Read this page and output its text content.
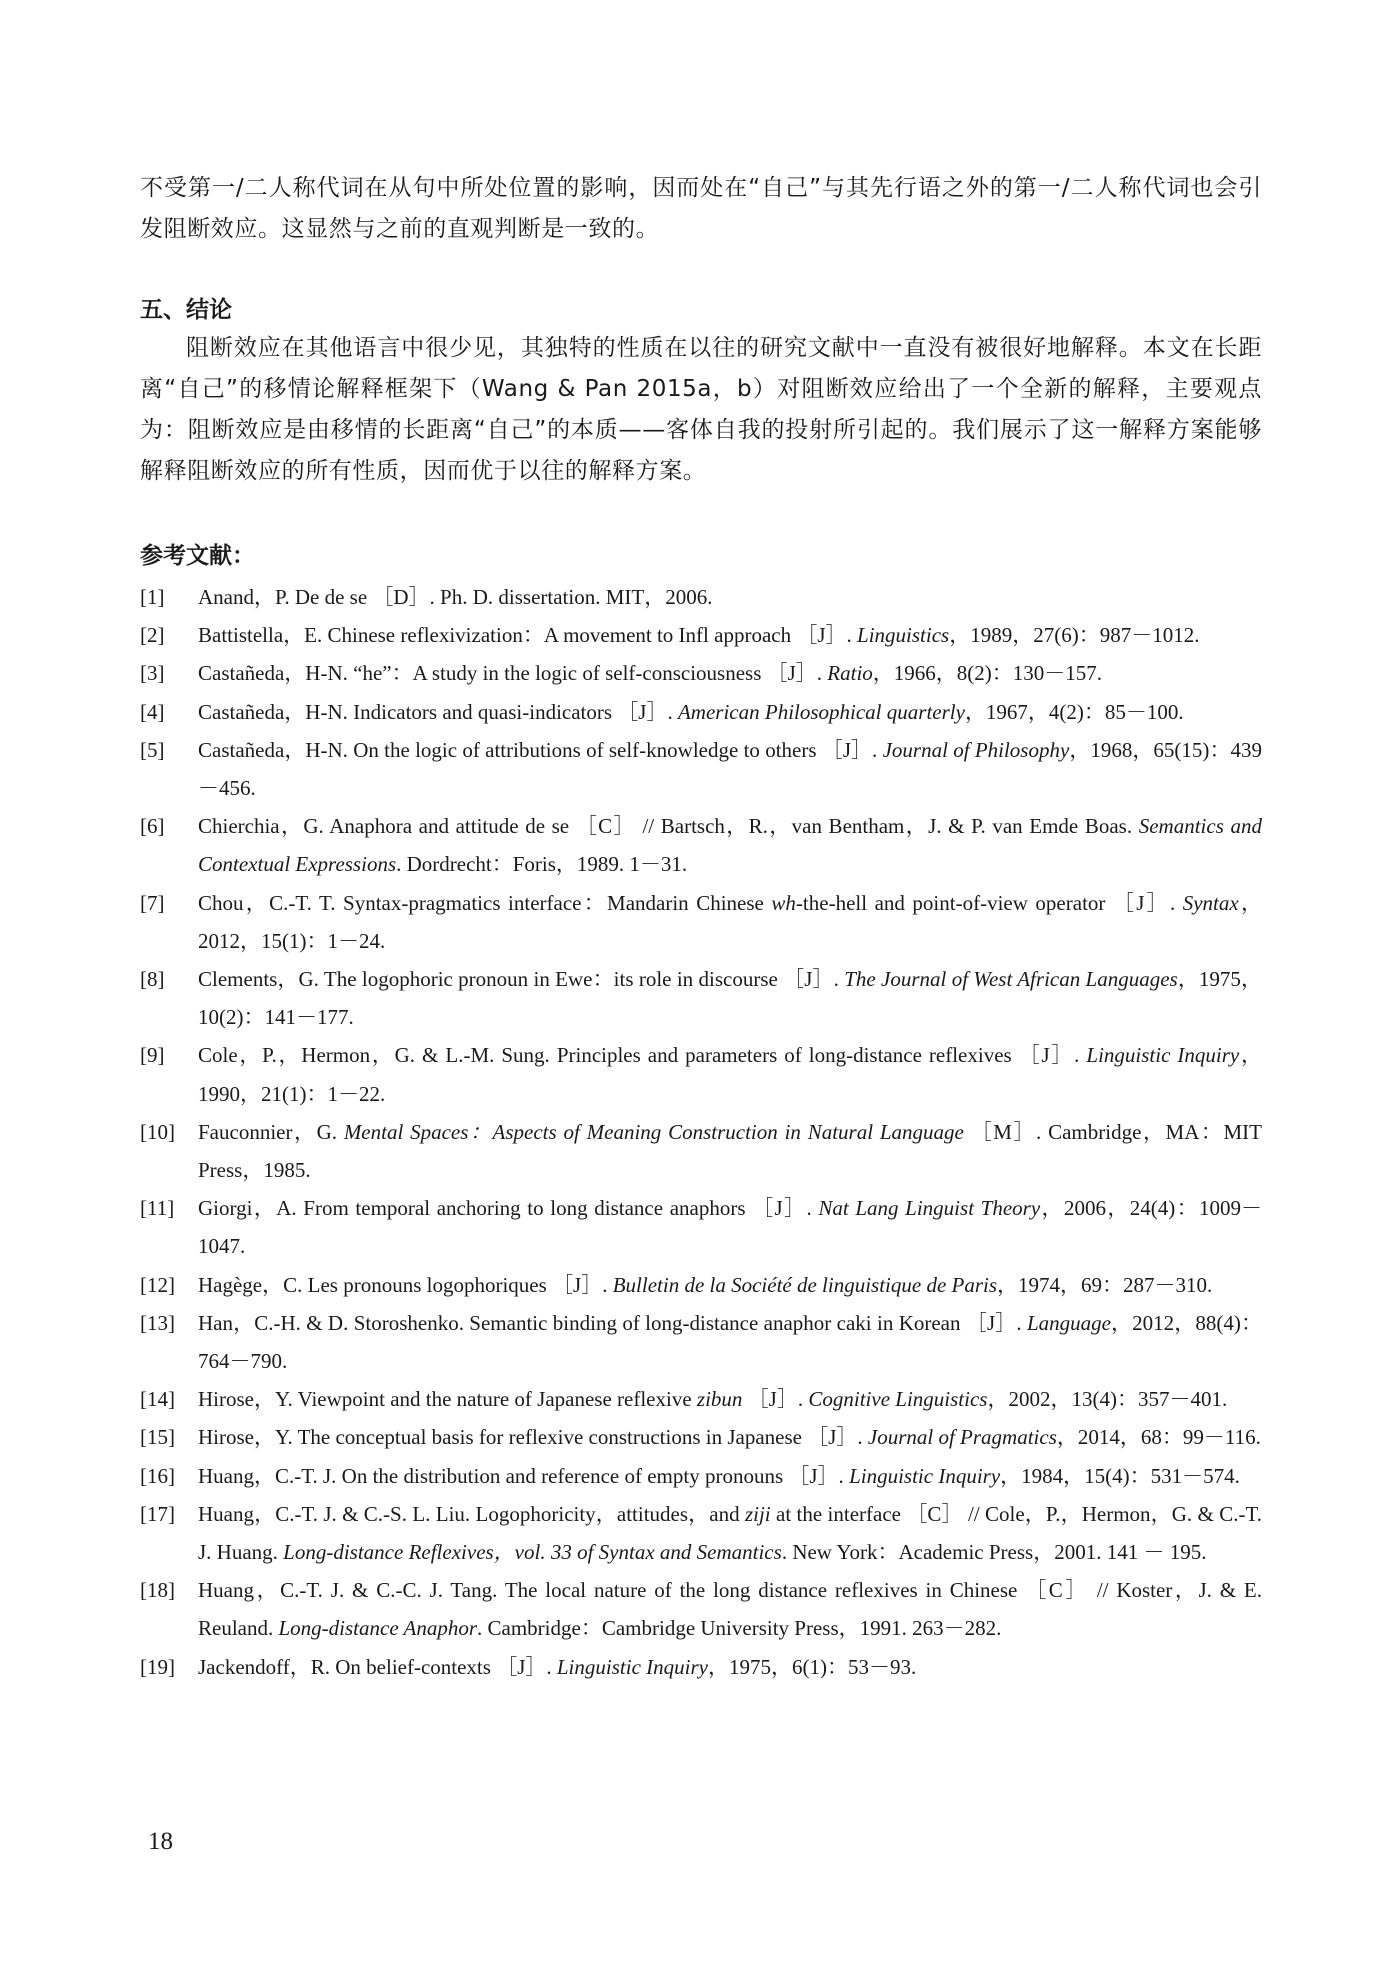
不受第一/二人称代词在从句中所处位置的影响，因而处在“自己”与其先行语之外的第一/二人称代词也会引发阻断效应。这显然与之前的直观判断是一致的。

五、结论

阻断效应在其他语言中很少见，其独特的性质在以往的研究文献中一直没有被很好地解释。本文在长距离“自己”的移情论解释框架下（Wang & Pan 2015a，b）对阻断效应给出了一个全新的解释，主要观点为：阻断效应是由移情的长距离“自己”的本质——客体自我的投射所引起的。我们展示了这一解释方案能够解释阻断效应的所有性质，因而优于以往的解释方案。

参考文献：
[1]	Anand，P. De de se ［D］. Ph. D. dissertation. MIT，2006.
[2]	Battistella，E. Chinese reflexivization：A movement to Infl approach ［J］. Linguistics，1989，27(6)：987－1012.
[3]	Castañeda，H-N. “he”：A study in the logic of self-consciousness ［J］. Ratio，1966，8(2)：130－157.
[4]	Castañeda，H-N. Indicators and quasi-indicators ［J］. American Philosophical quarterly，1967，4(2)：85－100.
[5]	Castañeda，H-N. On the logic of attributions of self-knowledge to others ［J］. Journal of Philosophy，1968，65(15)：439－456.
[6]	Chierchia，G. Anaphora and attitude de se ［C］ // Bartsch，R.，van Bentham，J. & P. van Emde Boas. Semantics and Contextual Expressions. Dordrecht：Foris，1989. 1－31.
[7]	Chou，C.-T. T. Syntax-pragmatics interface：Mandarin Chinese wh-the-hell and point-of-view operator ［J］. Syntax，2012，15(1)：1－24.
[8]	Clements，G. The logophoric pronoun in Ewe：its role in discourse ［J］. The Journal of West African Languages，1975，10(2)：141－177.
[9]	Cole，P.，Hermon，G. & L.-M. Sung. Principles and parameters of long-distance reflexives ［J］. Linguistic Inquiry，1990，21(1)：1－22.
[10]	Fauconnier，G. Mental Spaces：Aspects of Meaning Construction in Natural Language ［M］. Cambridge，MA：MIT Press，1985.
[11]	Giorgi，A. From temporal anchoring to long distance anaphors ［J］. Nat Lang Linguist Theory，2006，24(4)：1009－1047.
[12]	Hagège，C. Les pronouns logophoriques ［J］. Bulletin de la Société de linguistique de Paris，1974，69：287－310.
[13]	Han，C.-H. & D. Storoshenko. Semantic binding of long-distance anaphor caki in Korean ［J］. Language，2012，88(4)：764－790.
[14]	Hirose，Y. Viewpoint and the nature of Japanese reflexive zibun ［J］. Cognitive Linguistics，2002，13(4)：357－401.
[15]	Hirose，Y. The conceptual basis for reflexive constructions in Japanese ［J］. Journal of Pragmatics，2014，68：99－116.
[16]	Huang，C.-T. J. On the distribution and reference of empty pronouns ［J］. Linguistic Inquiry，1984，15(4)：531－574.
[17]	Huang，C.-T. J. & C.-S. L. Liu. Logophoricity，attitudes，and ziji at the interface ［C］ // Cole，P.，Hermon，G. & C.-T. J. Huang. Long-distance Reflexives，vol. 33 of Syntax and Semantics. New York：Academic Press，2001. 141 － 195.
[18]	Huang，C.-T. J. & C.-C. J. Tang. The local nature of the long distance reflexives in Chinese ［C］ // Koster，J. & E. Reuland. Long-distance Anaphor. Cambridge：Cambridge University Press，1991. 263－282.
[19]	Jackendoff，R. On belief-contexts ［J］. Linguistic Inquiry，1975，6(1)：53－93.
18
